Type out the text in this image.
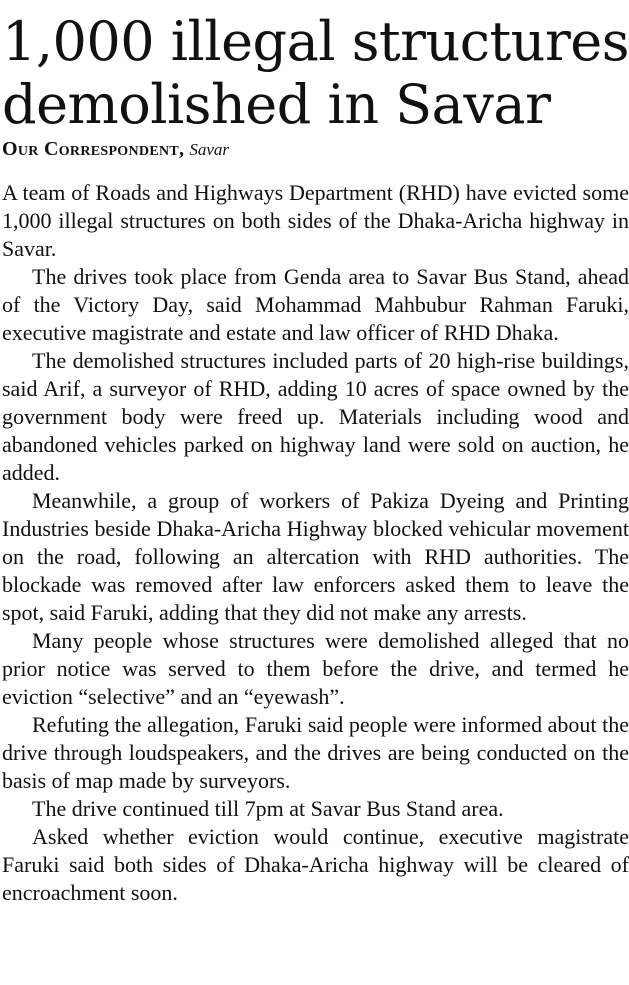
1,000 illegal structures
demolished in Savar
Our Correspondent, Savar

A team of Roads and Highways Department (RHD) have evicted some 1,000 illegal structures on both sides of the Dhaka-Aricha highway in Savar.

The drives took place from Genda area to Savar Bus Stand, ahead of the Victory Day, said Mohammad Mahbubur Rahman Faruki, executive magistrate and estate and law officer of RHD Dhaka.

The demolished structures included parts of 20 high-rise buildings, said Arif, a surveyor of RHD, adding 10 acres of space owned by the government body were freed up. Materials including wood and abandoned vehicles parked on highway land were sold on auction, he added.

Meanwhile, a group of workers of Pakiza Dyeing and Printing Industries beside Dhaka-Aricha Highway blocked vehicular movement on the road, following an altercation with RHD authorities. The blockade was removed after law enforcers asked them to leave the spot, said Faruki, adding that they did not make any arrests.

Many people whose structures were demolished alleged that no prior notice was served to them before the drive, and termed he eviction “selective” and an “eyewash”.

Refuting the allegation, Faruki said people were informed about the drive through loudspeakers, and the drives are being conducted on the basis of map made by surveyors.

The drive continued till 7pm at Savar Bus Stand area.

Asked whether eviction would continue, executive magistrate Faruki said both sides of Dhaka-Aricha highway will be cleared of encroachment soon.
